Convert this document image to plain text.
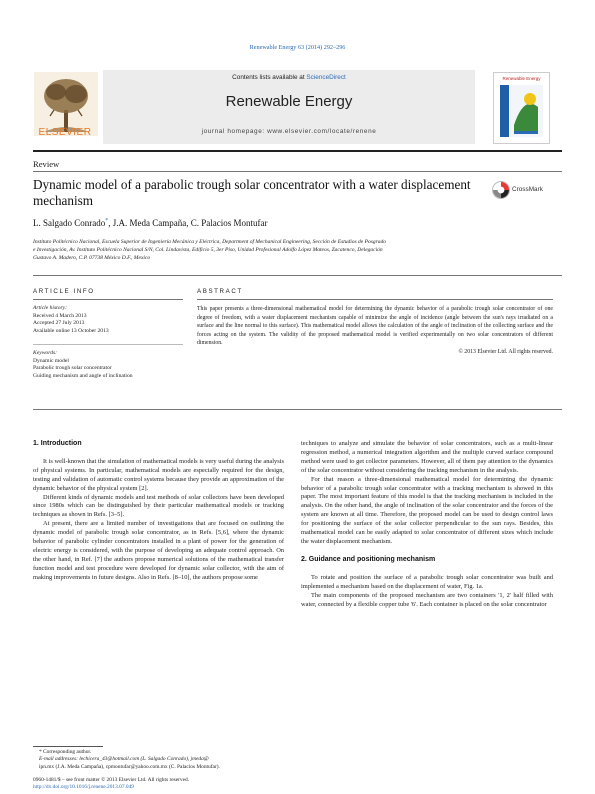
Renewable Energy 63 (2014) 292–296
Contents lists available at ScienceDirect
Renewable Energy
journal homepage: www.elsevier.com/locate/renene
ELSEVIER
Renewable Energy
Review
Dynamic model of a parabolic trough solar concentrator with a water displacement mechanism
CrossMark
L. Salgado Conrado*, J.A. Meda Campaña, C. Palacios Montufar
Instituto Politécnico Nacional, Escuela Superior de Ingeniería Mecánica y Eléctrica, Department of Mechanical Engineering, Sección de Estudios de Posgrado
e Investigación, Av. Instituto Politécnico Nacional S/N, Col. Lindavista, Edificio 5, 3er Piso, Unidad Profesional Adolfo López Mateos, Zacatenco, Delegación
Gustavo A. Madero, C.P. 07738 México D.F., Mexico
ARTICLE INFO
Article history:
Received 4 March 2013
Accepted 27 July 2013
Available online 13 October 2013
Keywords:
Dynamic model
Parabolic trough solar concentrator
Guiding mechanism and angle of inclination
ABSTRACT
This paper presents a three-dimensional mathematical model for determining the dynamic behavior of a parabolic trough solar concentrator of one degree of freedom, with a water displacement mechanism capable of minimize the angle of incidence (angle between the sun's rays irradiated on a surface and the line normal to this surface). This mathematical model allows the calculation of the angle of inclination of the collecting surface and the forces acting on the system. The validity of the proposed mathematical model is verified experimentally on two solar concentrators of different dimension.
© 2013 Elsevier Ltd. All rights reserved.
1. Introduction

It is well-known that the simulation of mathematical models is very useful during the analysis of physical systems. In particular, mathematical models are especially required for the design, testing and validation of automatic control systems because they provide an approximation of the dynamic behavior of the physical system [2].

Different kinds of dynamic models and test methods of solar collectors have been developed since 1980s which can be distinguished by their particular mathematical models or tracking techniques as shown in Refs. [3–5].

At present, there are a limited number of investigations that are focused on outlining the dynamic model of parabolic trough solar concentrator, as in Refs. [5,6], where the dynamic behavior of parabolic cylinder concentrators installed in a plant of power for the generation of electric energy is considered, with the purpose of developing an adequate control approach. On the other hand, in Ref. [7] the authors propose numerical solutions of the mathematical transfer function model and test procedure were developed for dynamic solar collector, with the aim of making improvements in future designs. Also in Refs. [8–10], the authors propose some

techniques to analyze and simulate the behavior of solar concentrators, such as a multi-linear regression method, a numerical integration algorithm and the multiple curved surface compound method were used to get collector parameters. However, all of them pay attention to the dynamics of the solar concentrator without considering the tracking mechanism in the analysis.

For that reason a three-dimensional mathematical model for determining the dynamic behavior of a parabolic trough solar concentrator with a tracking mechanism is showed in this paper. The most important feature of this model is that the tracking mechanism is included in the analysis. On the other hand, the angle of inclination of the solar concentrator and the forces of the system are known at all time. Therefore, the proposed model can be used to design control laws for positioning the surface of the solar collector perpendicular to the sun rays. Besides, this mathematical model can be easily adapted to solar concentrator of different sizes which include the water displacement mechanism.

2. Guidance and positioning mechanism

To rotate and position the surface of a parabolic trough solar concentrator was built and implemented a mechanism based on the displacement of water, Fig. 1a.

The main components of the proposed mechanism are two containers '1, 2' half filled with water, connected by a flexible copper tube '6'. Each container is placed on the solar concentrator

* Corresponding author.
E-mail addresses: lechicera_43@hotmail.com (L. Salgado Conrado), jmeda@
ipn.mx (J.A. Meda Campaña), cpmontufar@yahoo.com.mx (C. Palacios Montufar).
0960-1481/$ – see front matter © 2013 Elsevier Ltd. All rights reserved.
http://dx.doi.org/10.1016/j.renene.2013.07.049
